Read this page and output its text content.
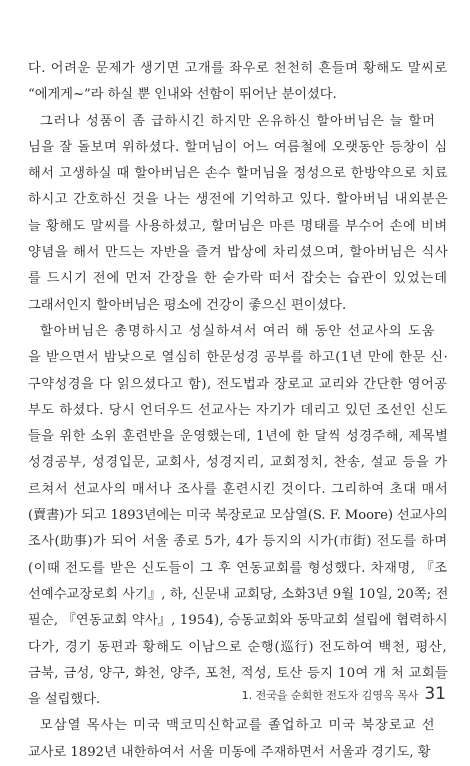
다. 어려운 문제가 생기면 고개를 좌우로 천천히 흔들며 황해도 말씨로
“에게게~”라 하실 뿐 인내와 선함이 뛰어난 분이셨다.

그러나 성품이 좀 급하시긴 하지만 온유하신 할아버님은 늘 할머
님을 잘 돌보며 위하셨다. 할머님이 어느 여름철에 오랫동안 등창이 심
해서 고생하실 때 할아버님은 손수 할머님을 정성으로 한방약으로 치료
하시고 간호하신 것을 나는 생전에 기억하고 있다. 할아버님 내외분은
늘 황해도 말씨를 사용하셨고, 할머님은 마른 명태를 부수어 손에 비벼
양념을 해서 만드는 자반을 즐겨 밥상에 차리셨으며, 할아버님은 식사
를 드시기 전에 먼저 간장을 한 숟가락 떠서 잡숫는 습관이 있었는데
그래서인지 할아버님은 평소에 건강이 좋으신 편이셨다.

할아버님은 총명하시고 성실하셔서 여러 해 동안 선교사의 도움
을 받으면서 밤낮으로 열심히 한문성경 공부를 하고(1년 만에 한문 신·
구약성경을 다 읽으셨다고 함), 전도법과 장로교 교리와 간단한 영어공
부도 하셨다. 당시 언더우드 선교사는 자기가 데리고 있던 조선인 신도
들을 위한 소위 훈련반을 운영했는데, 1년에 한 달씩 성경주해, 제목별
성경공부, 성경입문, 교회사, 성경지리, 교회정치, 찬송, 설교 등을 가
르쳐서 선교사의 매서나 조사를 훈련시킨 것이다. 그리하여 초대 매서
(賣書)가 되고 1893년에는 미국 북장로교 모삼열(S. F. Moore) 선교사의
조사(助事)가 되어 서울 종로 5가, 4가 등지의 시가(市街) 전도를 하며
(이때 전도를 받은 신도들이 그 후 연동교회를 형성했다. 차재명, 『조
선예수교장로회 사기』, 하, 신문내 교회당, 소화3년 9월 10일, 20쪽; 전
필순, 『연동교회 약사』, 1954), 승동교회와 동막교회 설립에 협력하시
다가, 경기 동편과 황해도 이남으로 순행(巡行) 전도하여 백천, 평산,
금북, 금성, 양구, 화천, 양주, 포천, 적성, 토산 등지 10여 개 처 교회들
을 설립했다.

모삼열 목사는 미국 맥코믹신학교를 졸업하고 미국 북장로교 선
교사로 1892년 내한하여서 서울 미동에 주재하면서 서울과 경기도, 황

1. 전국을 순회한 전도자 김영옥 목사 31
